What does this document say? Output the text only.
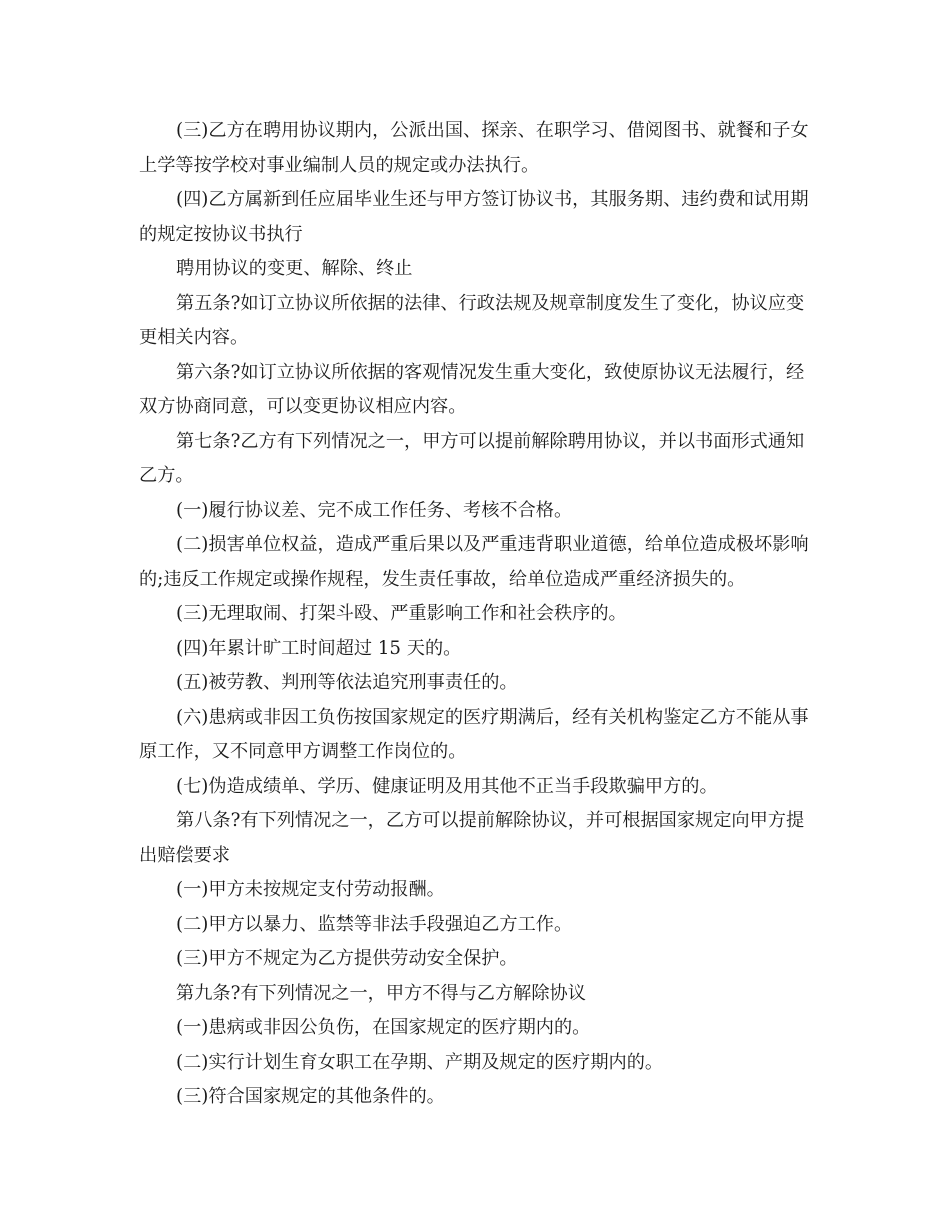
(三)乙方在聘用协议期内，公派出国、探亲、在职学习、借阅图书、就餐和子女上学等按学校对事业编制人员的规定或办法执行。

(四)乙方属新到任应届毕业生还与甲方签订协议书，其服务期、违约费和试用期的规定按协议书执行

聘用协议的变更、解除、终止

第五条?如订立协议所依据的法律、行政法规及规章制度发生了变化，协议应变更相关内容。

第六条?如订立协议所依据的客观情况发生重大变化，致使原协议无法履行，经双方协商同意，可以变更协议相应内容。

第七条?乙方有下列情况之一，甲方可以提前解除聘用协议，并以书面形式通知乙方。

(一)履行协议差、完不成工作任务、考核不合格。

(二)损害单位权益，造成严重后果以及严重违背职业道德，给单位造成极坏影响的;违反工作规定或操作规程，发生责任事故，给单位造成严重经济损失的。

(三)无理取闹、打架斗殴、严重影响工作和社会秩序的。

(四)年累计旷工时间超过 15 天的。

(五)被劳教、判刑等依法追究刑事责任的。

(六)患病或非因工负伤按国家规定的医疗期满后，经有关机构鉴定乙方不能从事原工作，又不同意甲方调整工作岗位的。

(七)伪造成绩单、学历、健康证明及用其他不正当手段欺骗甲方的。

第八条?有下列情况之一，乙方可以提前解除协议，并可根据国家规定向甲方提出赔偿要求

(一)甲方未按规定支付劳动报酬。

(二)甲方以暴力、监禁等非法手段强迫乙方工作。

(三)甲方不规定为乙方提供劳动安全保护。

第九条?有下列情况之一，甲方不得与乙方解除协议

(一)患病或非因公负伤，在国家规定的医疗期内的。

(二)实行计划生育女职工在孕期、产期及规定的医疗期内的。

(三)符合国家规定的其他条件的。
